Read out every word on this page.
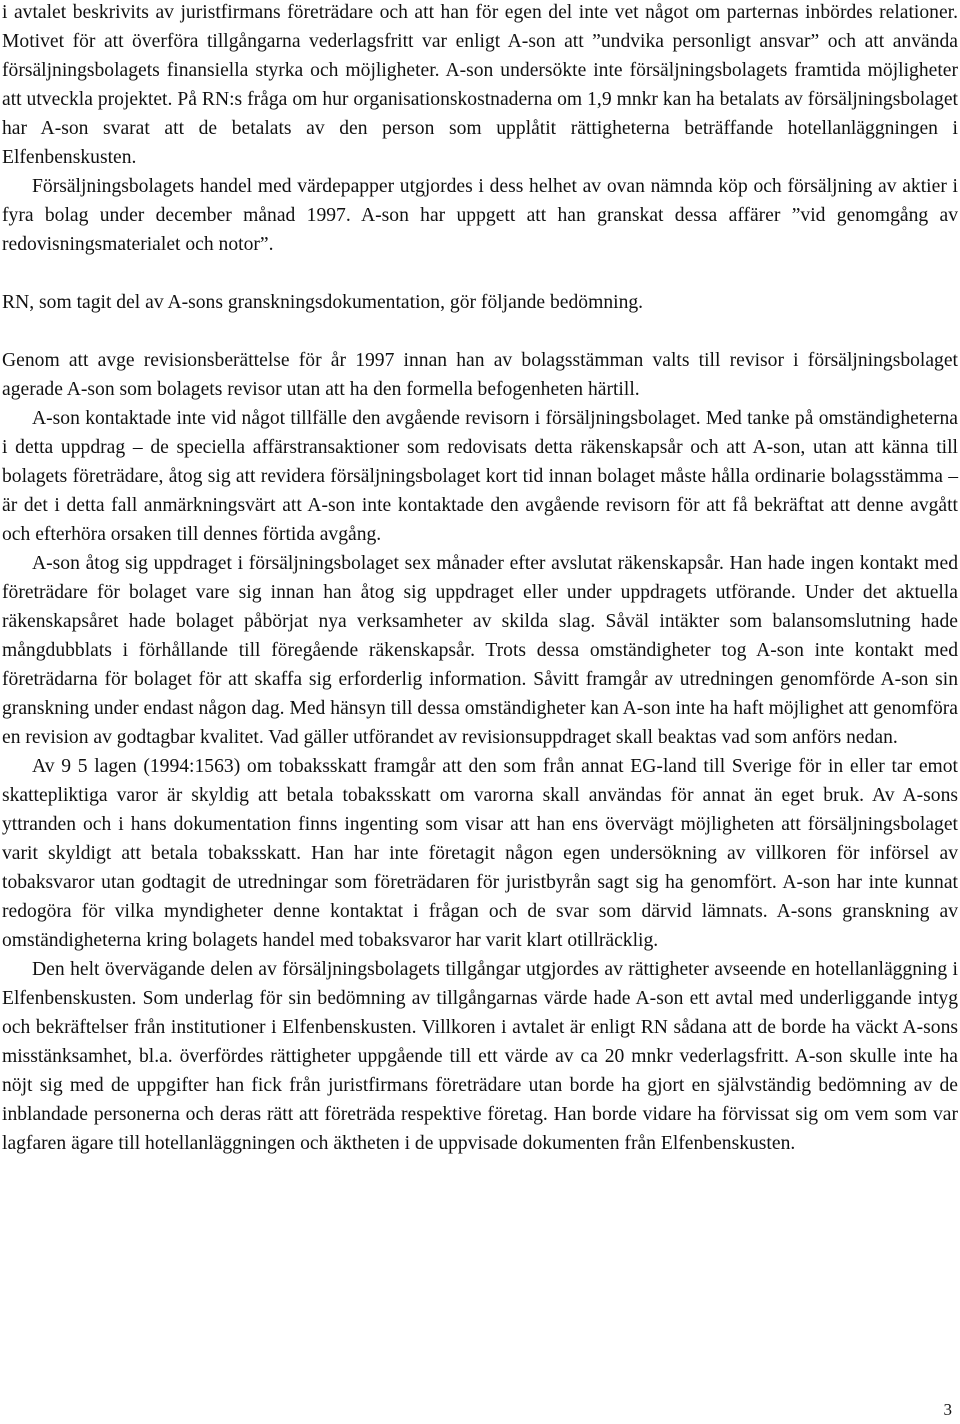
i avtalet beskrivits av juristfirmans företrädare och att han för egen del inte vet något om parternas inbördes relationer. Motivet för att överföra tillgångarna vederlagsfritt var enligt A-son att ”undvika personligt ansvar” och att använda försäljningsbolagets finansiella styrka och möjligheter. A-son undersökte inte försäljningsbolagets framtida möjligheter att utveckla projektet. På RN:s fråga om hur organisationskostnaderna om 1,9 mnkr kan ha betalats av försäljningsbolaget har A-son svarat att de betalats av den person som upplåtit rättigheterna beträffande hotellanläggningen i Elfenbenskusten.

Försäljningsbolagets handel med värdepapper utgjordes i dess helhet av ovan nämnda köp och försäljning av aktier i fyra bolag under december månad 1997. A-son har uppgett att han granskat dessa affärer ”vid genomgång av redovisningsmaterialet och notor”.

RN, som tagit del av A-sons granskningsdokumentation, gör följande bedömning.

Genom att avge revisionsberättelse för år 1997 innan han av bolagsstämman valts till revisor i försäljningsbolaget agerade A-son som bolagets revisor utan att ha den formella befogenheten härtill.

A-son kontaktade inte vid något tillfälle den avgående revisorn i försäljningsbolaget. Med tanke på omständigheterna i detta uppdrag – de speciella affärstransaktioner som redovisats detta räkenskapsår och att A-son, utan att känna till bolagets företrädare, åtog sig att revidera försäljningsbolaget kort tid innan bolaget måste hålla ordinarie bolagsstämma – är det i detta fall anmärkningsvärt att A-son inte kontaktade den avgående revisorn för att få bekräftat att denne avgått och efterhöra orsaken till dennes förtida avgång.

A-son åtog sig uppdraget i försäljningsbolaget sex månader efter avslutat räkenskapsår. Han hade ingen kontakt med företrädare för bolaget vare sig innan han åtog sig uppdraget eller under uppdragets utförande. Under det aktuella räkenskapsåret hade bolaget påbörjat nya verksamheter av skilda slag. Såväl intäkter som balansomslutning hade mångdubblats i förhållande till föregående räkenskapsår. Trots dessa omständigheter tog A-son inte kontakt med företrädarna för bolaget för att skaffa sig erforderlig information. Såvitt framgår av utredningen genomförde A-son sin granskning under endast någon dag. Med hänsyn till dessa omständigheter kan A-son inte ha haft möjlighet att genomföra en revision av godtagbar kvalitet. Vad gäller utförandet av revisionsuppdraget skall beaktas vad som anförs nedan.

Av 9 5 lagen (1994:1563) om tobaksskatt framgår att den som från annat EG-land till Sverige för in eller tar emot skattepliktiga varor är skyldig att betala tobaksskatt om varorna skall användas för annat än eget bruk. Av A-sons yttranden och i hans dokumentation finns ingenting som visar att han ens övervägt möjligheten att försäljningsbolaget varit skyldigt att betala tobaksskatt. Han har inte företagit någon egen undersökning av villkoren för införsel av tobaksvaror utan godtagit de utredningar som företrädaren för juristbyrån sagt sig ha genomfört. A-son har inte kunnat redogöra för vilka myndigheter denne kontaktat i frågan och de svar som därvid lämnats. A-sons granskning av omständigheterna kring bolagets handel med tobaksvaror har varit klart otillräcklig.

Den helt övervägande delen av försäljningsbolagets tillgångar utgjordes av rättigheter avseende en hotellanläggning i Elfenbenskusten. Som underlag för sin bedömning av tillgångarnas värde hade A-son ett avtal med underliggande intyg och bekräftelser från institutioner i Elfenbenskusten. Villkoren i avtalet är enligt RN sådana att de borde ha väckt A-sons misstänksamhet, bl.a. överfördes rättigheter uppgående till ett värde av ca 20 mnkr vederlagsfritt. A-son skulle inte ha nöjt sig med de uppgifter han fick från juristfirmans företrädare utan borde ha gjort en självständig bedömning av de inblandade personerna och deras rätt att företräda respektive företag. Han borde vidare ha förvissat sig om vem som var lagfaren ägare till hotellanläggningen och äktheten i de uppvisade dokumenten från Elfenbenskusten.

3
